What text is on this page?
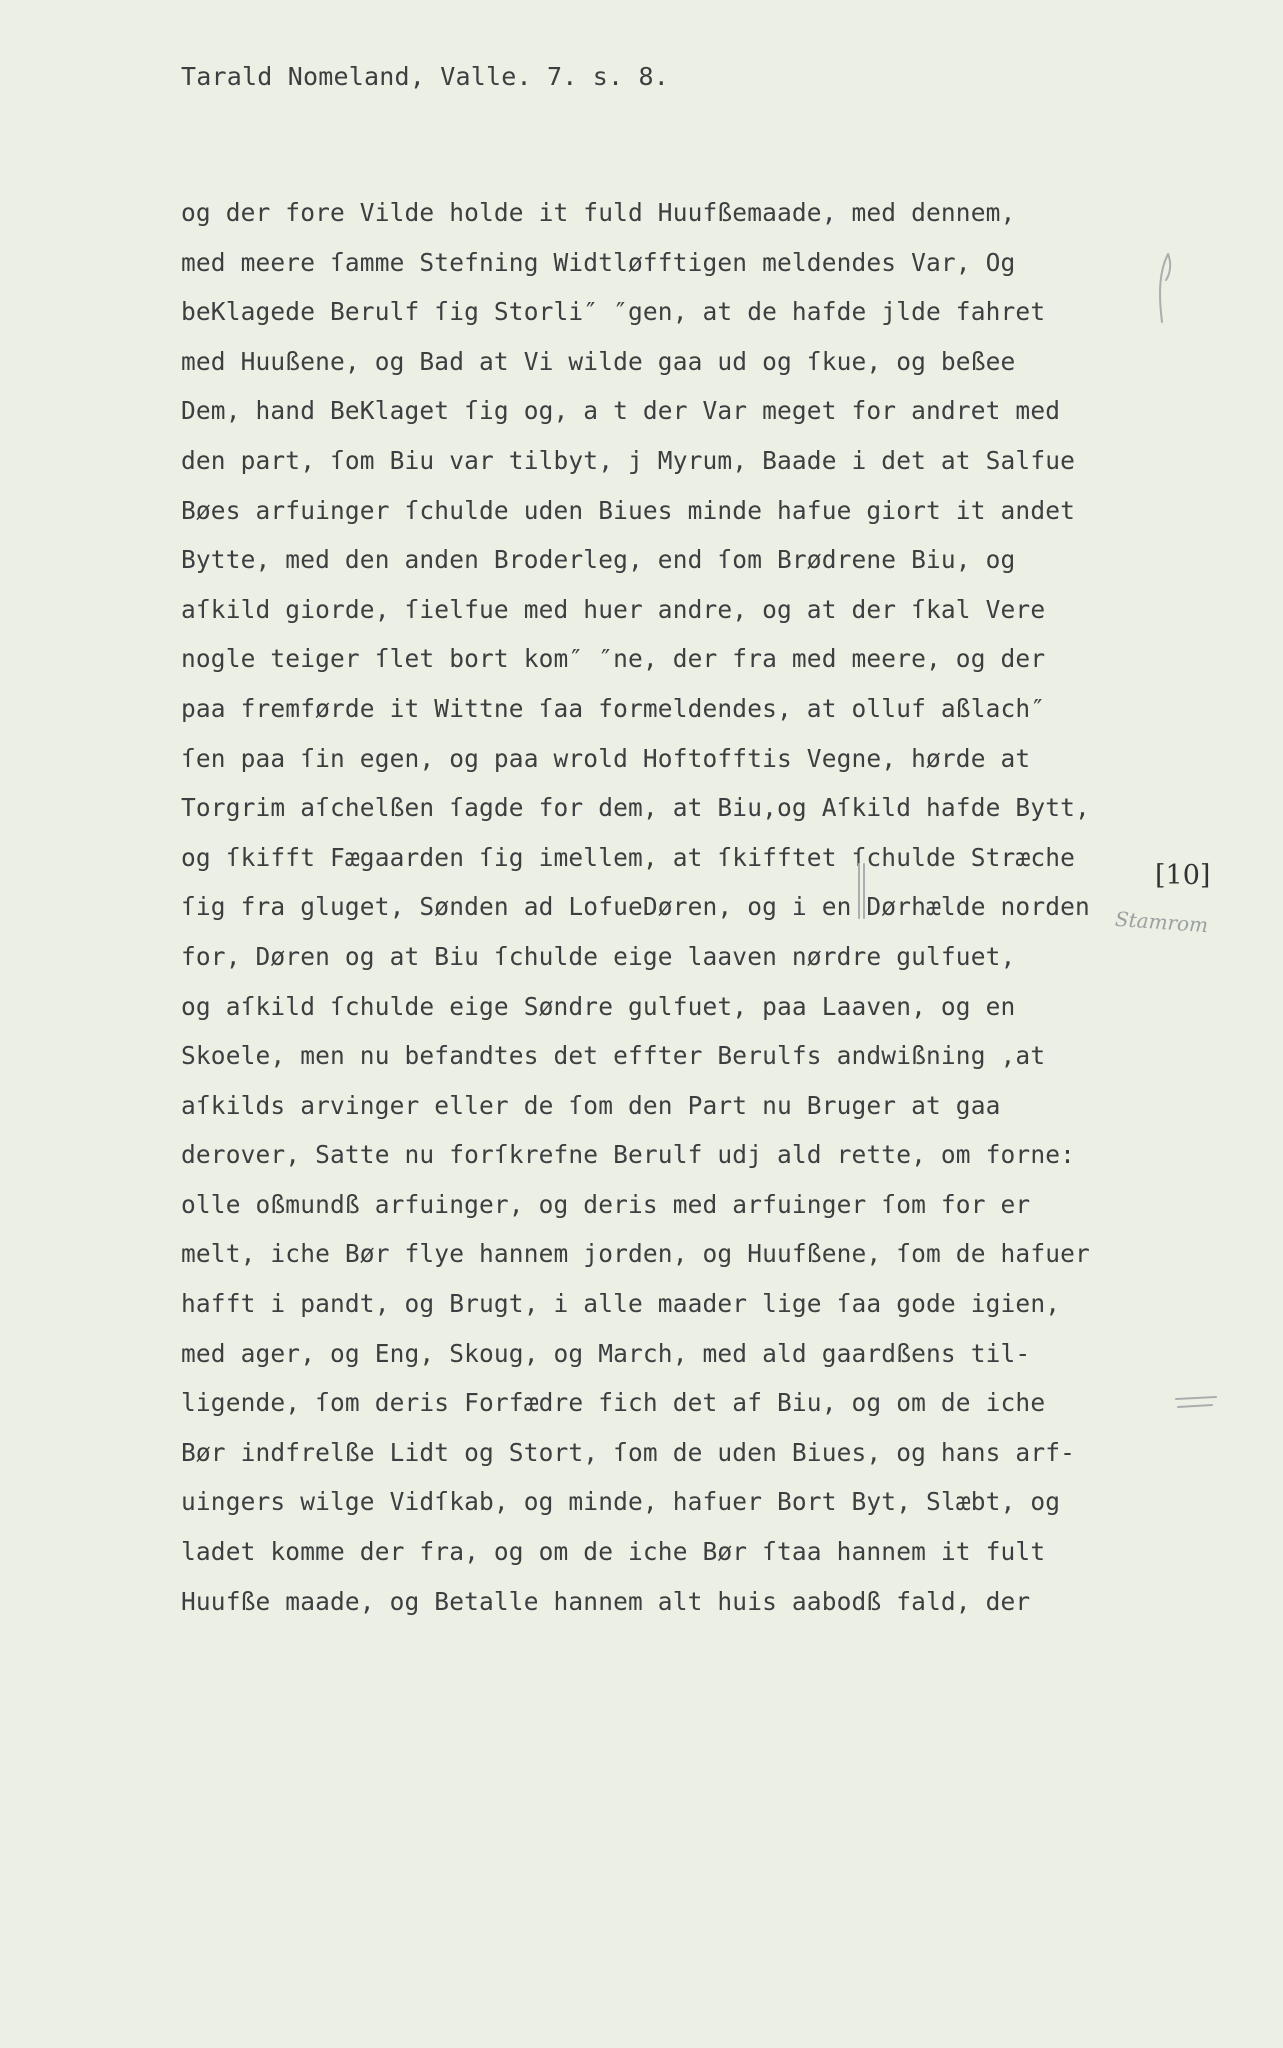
Tarald Nomeland, Valle. 7. s. 8.
og der fore Vilde holde it fuld Huufßemaade, med dennem,
med meere ſamme Stefning Widtløfftigen meldendes Var, Og
beKlagede Berulf ſig Storli″ ″gen, at de hafde jlde fahret
med Huußene, og Bad at Vi wilde gaa ud og ſkue, og beßee
Dem, hand BeKlaget ſig og, a t der Var meget for andret med
den part, ſom Biu var tilbyt, j Myrum, Baade i det at Salfue
Bøes arfuinger ſchulde uden Biues minde hafue giort it andet
Bytte, med den anden Broderleg, end ſom Brødrene Biu, og
aſkild giorde, ſielfue med huer andre, og at der ſkal Vere
nogle teiger ſlet bort kom″ ″ne, der fra med meere, og der
paa fremførde it Wittne ſaa formeldendes, at olluf aßlach″
ſen paa ſin egen, og paa wrold Hoftofftis Vegne, hørde at
Torgrim aſchelßen ſagde for dem, at Biu,og Aſkild hafde Bytt,
og ſkifft Fægaarden ſig imellem, at ſkifftet ſchulde Stræche
ſig fra gluget, Sønden ad LofueDøren, og i en Dørhælde norden
for, Døren og at Biu ſchulde eige laaven nørdre gulfuet,
og aſkild ſchulde eige Søndre gulfuet, paa Laaven, og en
Skoele, men nu befandtes det effter Berulfs andwißning ,at
aſkilds arvinger eller de ſom den Part nu Bruger at gaa
derover, Satte nu forſkrefne Berulf udj ald rette, om forne:
olle oßmundß arfuinger, og deris med arfuinger ſom for er
melt, iche Bør flye hannem jorden, og Huufßene, ſom de hafuer
hafft i pandt, og Brugt, i alle maader lige ſaa gode igien,
med ager, og Eng, Skoug, og March, med ald gaardßens til-
ligende, ſom deris Forfædre fich det af Biu, og om de iche
Bør indfrelße Lidt og Stort, ſom de uden Biues, og hans arf-
uingers wilge Vidſkab, og minde, hafuer Bort Byt, Slæbt, og
ladet komme der fra, og om de iche Bør ſtaa hannem it fult
Huufße maade, og Betalle hannem alt huis aabodß fald, der
[10]
Stamrom
